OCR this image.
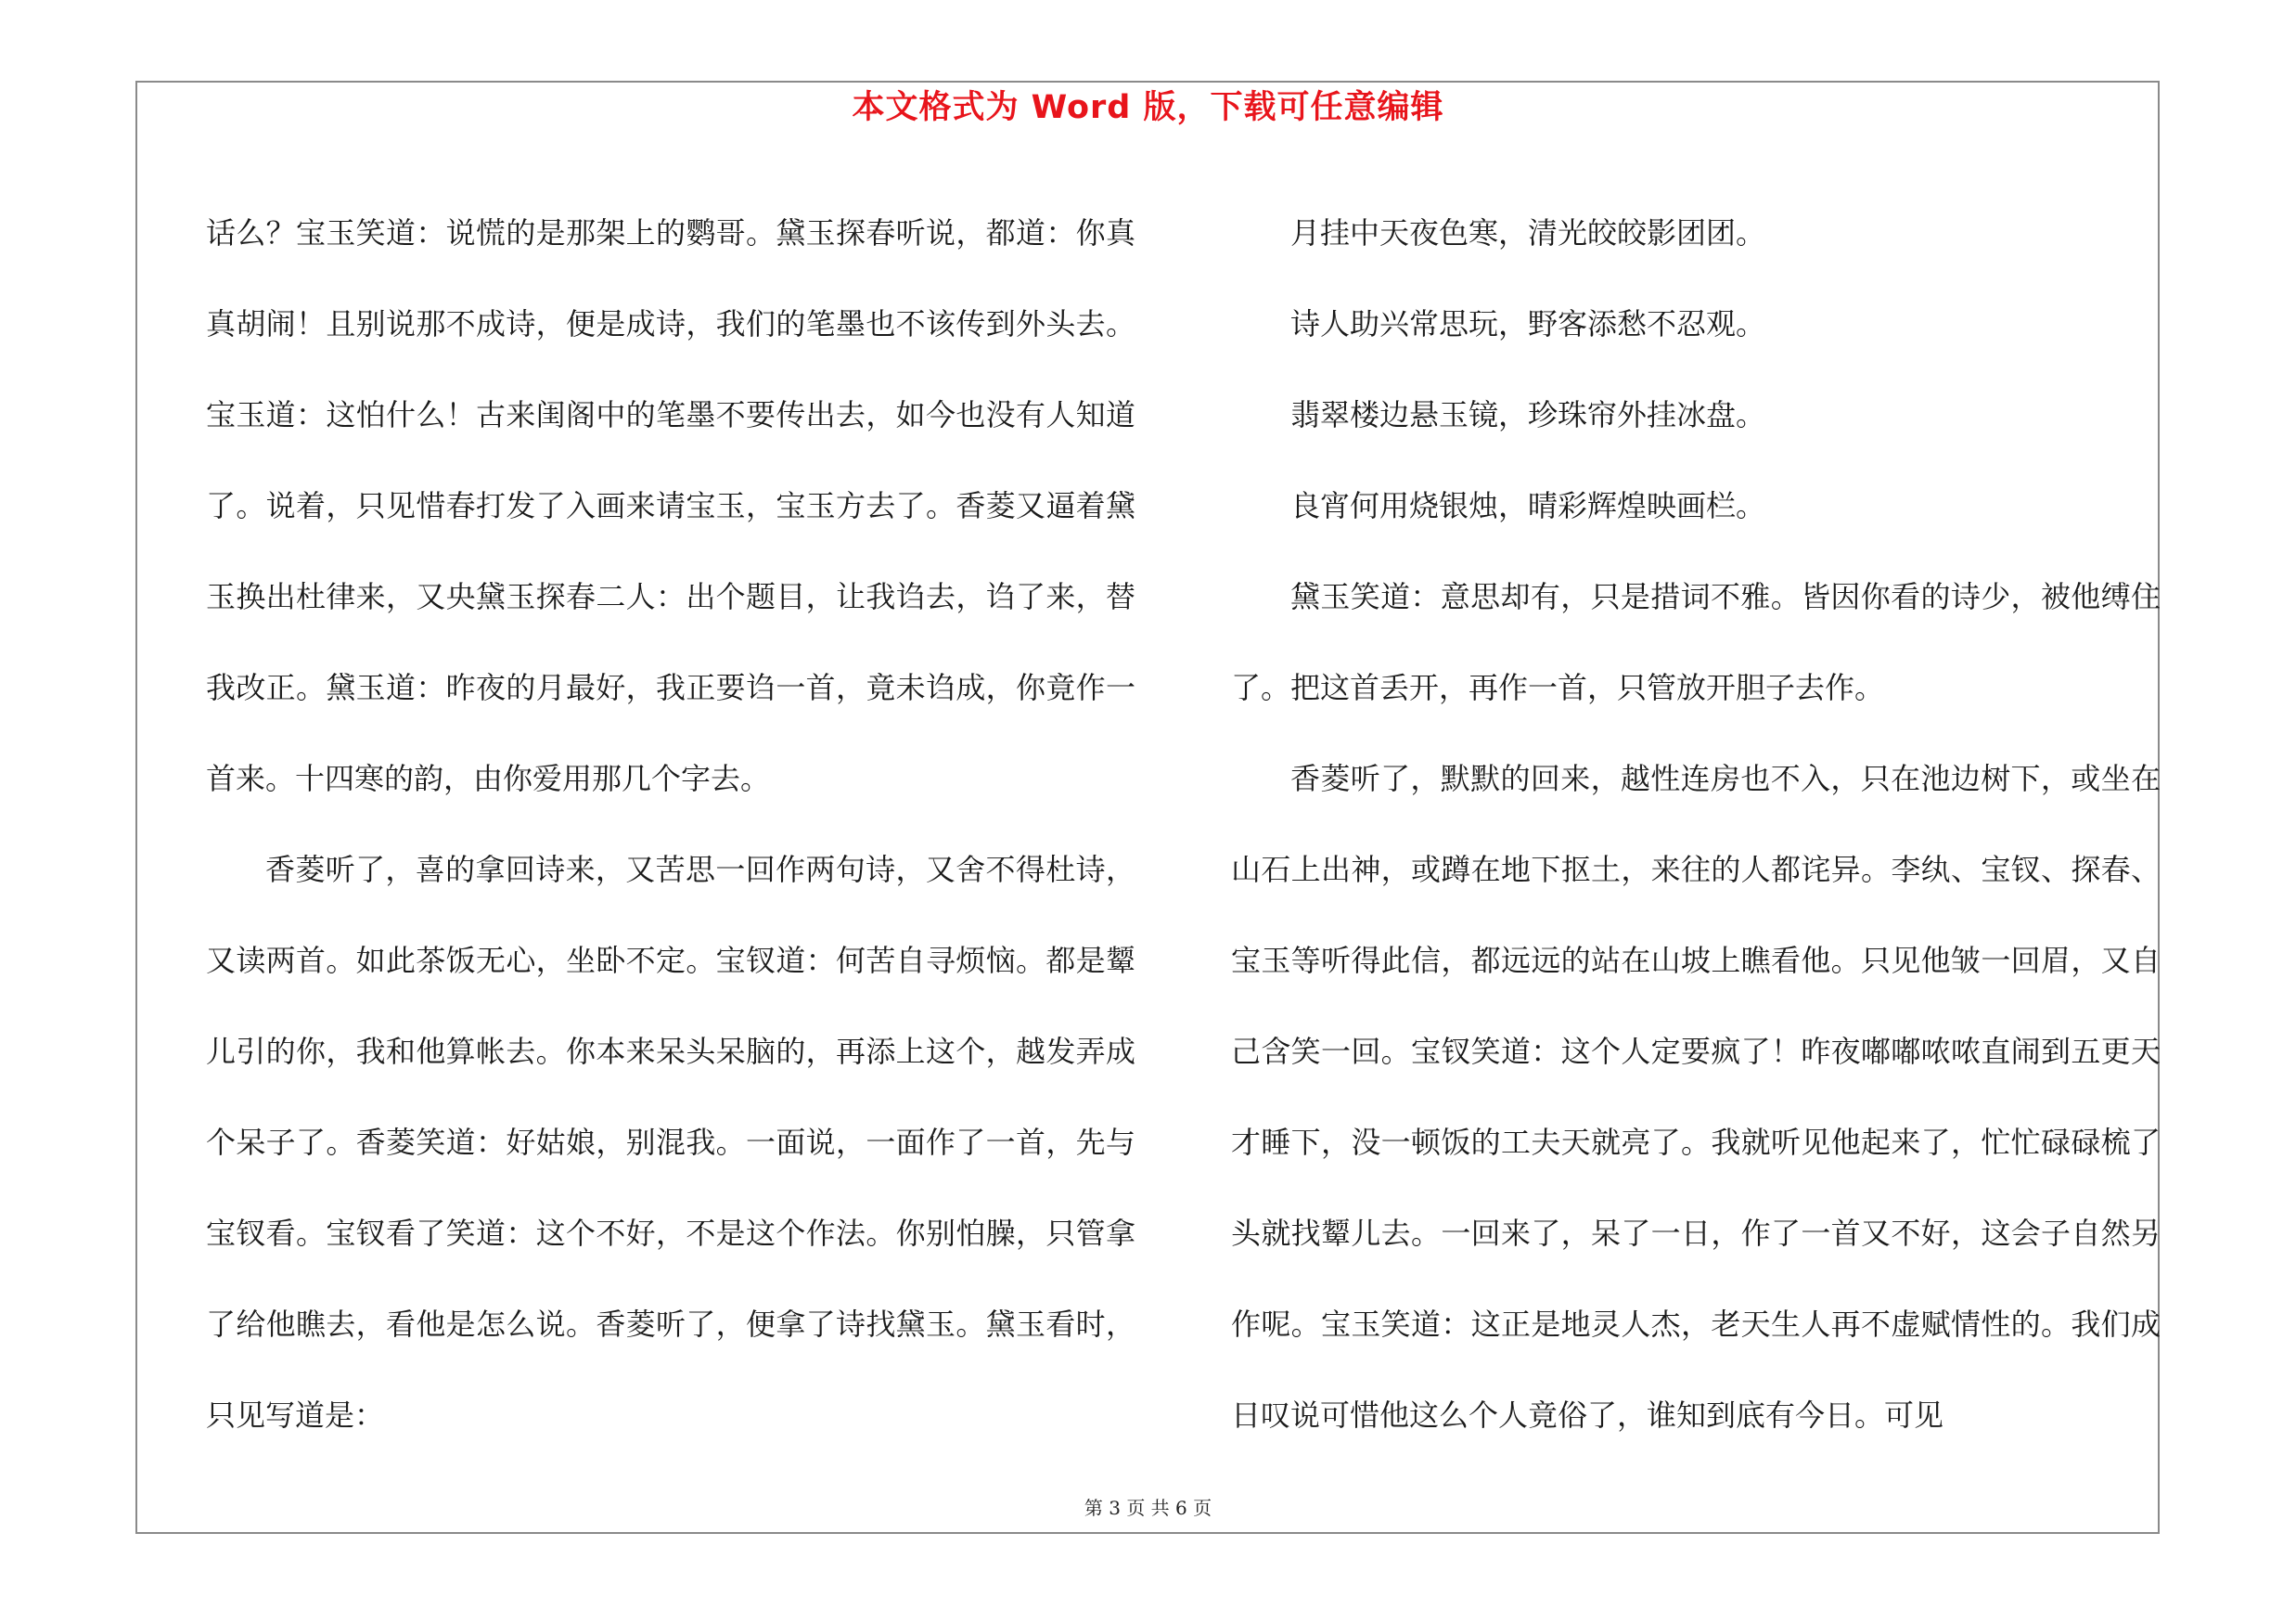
本文格式为 Word 版，下载可任意编辑

话么？宝玉笑道：说慌的是那架上的鹦哥。黛玉探春听说，都道：你真真胡闹！且别说那不成诗，便是成诗，我们的笔墨也不该传到外头去。宝玉道：这怕什么！古来闺阁中的笔墨不要传出去，如今也没有人知道了。说着，只见惜春打发了入画来请宝玉，宝玉方去了。香菱又逼着黛玉换出杜律来，又央黛玉探春二人：出个题目，让我诌去，诌了来，替我改正。黛玉道：昨夜的月最好，我正要诌一首，竟未诌成，你竟作一首来。十四寒的韵，由你爱用那几个字去。

香菱听了，喜的拿回诗来，又苦思一回作两句诗，又舍不得杜诗，又读两首。如此茶饭无心，坐卧不定。宝钗道：何苦自寻烦恼。都是颦儿引的你，我和他算帐去。你本来呆头呆脑的，再添上这个，越发弄成个呆子了。香菱笑道：好姑娘，别混我。一面说，一面作了一首，先与宝钗看。宝钗看了笑道：这个不好，不是这个作法。你别怕臊，只管拿了给他瞧去，看他是怎么说。香菱听了，便拿了诗找黛玉。黛玉看时，只见写道是：

月挂中天夜色寒，清光皎皎影团团。

诗人助兴常思玩，野客添愁不忍观。

翡翠楼边悬玉镜，珍珠帘外挂冰盘。

良宵何用烧银烛，晴彩辉煌映画栏。

黛玉笑道：意思却有，只是措词不雅。皆因你看的诗少，被他缚住了。把这首丢开，再作一首，只管放开胆子去作。

香菱听了，默默的回来，越性连房也不入，只在池边树下，或坐在山石上出神，或蹲在地下抠土，来往的人都诧异。李纨、宝钗、探春、宝玉等听得此信，都远远的站在山坡上瞧看他。只见他皱一回眉，又自己含笑一回。宝钗笑道：这个人定要疯了！昨夜嘟嘟哝哝直闹到五更天才睡下，没一顿饭的工夫天就亮了。我就听见他起来了，忙忙碌碌梳了头就找颦儿去。一回来了，呆了一日，作了一首又不好，这会子自然另作呢。宝玉笑道：这正是地灵人杰，老天生人再不虚赋情性的。我们成日叹说可惜他这么个人竟俗了，谁知到底有今日。可见

第 3 页 共 6 页
